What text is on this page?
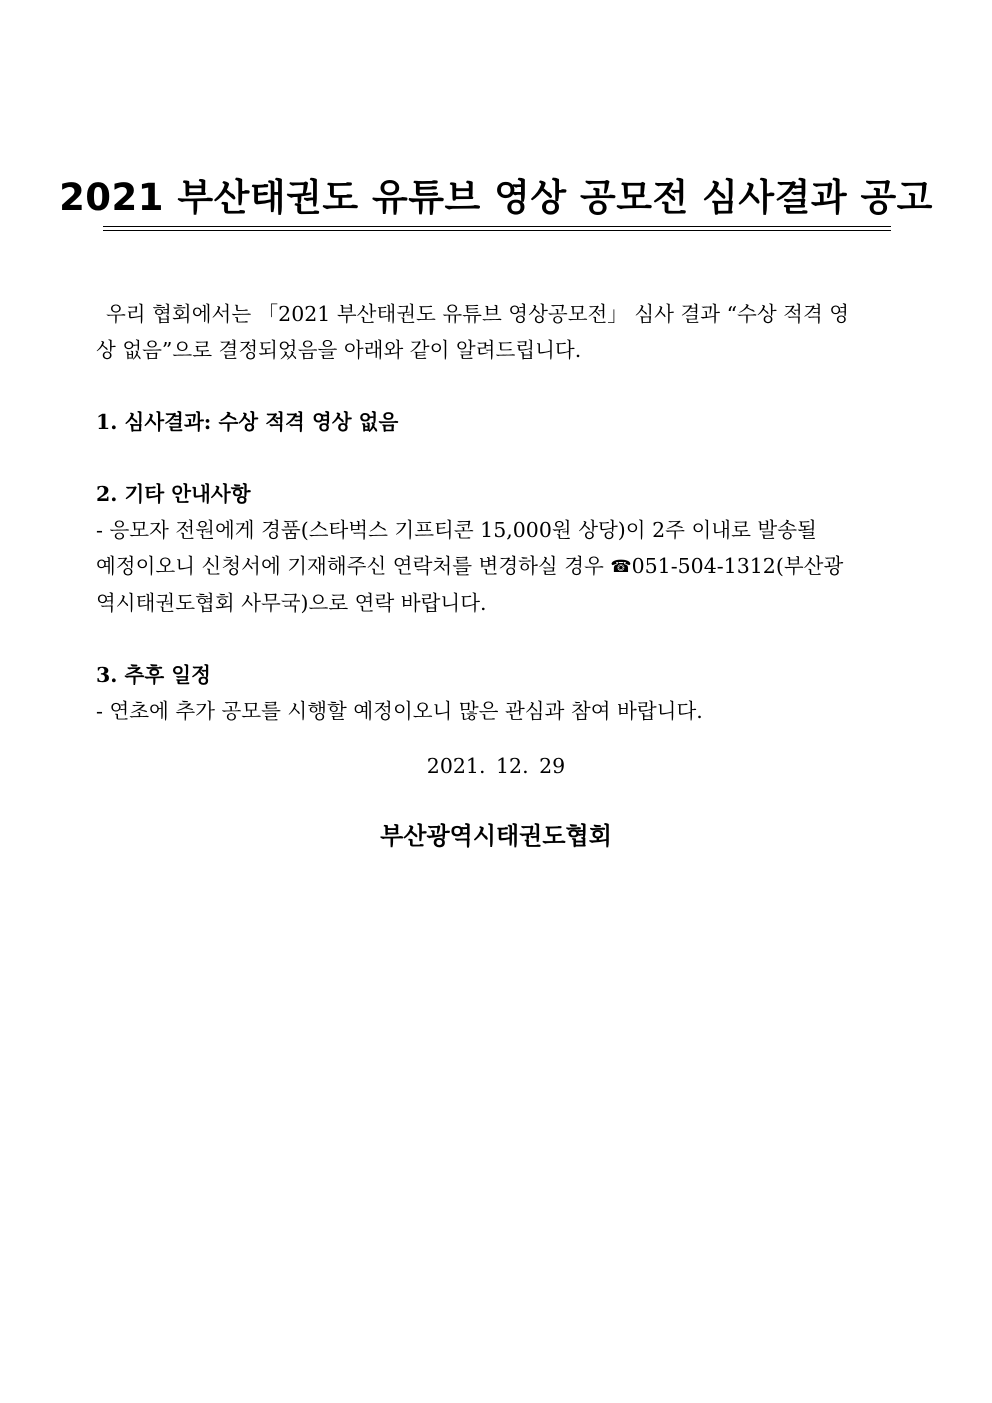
2021 부산태권도 유튜브 영상 공모전 심사결과 공고

우리 협회에서는 「2021 부산태권도 유튜브 영상공모전」 심사 결과 “수상 적격 영

상 없음”으로 결정되었음을 아래와 같이 알려드립니다.

1. 심사결과: 수상 적격 영상 없음

2. 기타 안내사항

- 응모자 전원에게 경품(스타벅스 기프티콘 15,000원 상당)이 2주 이내로 발송될

예정이오니 신청서에 기재해주신 연락처를 변경하실 경우 ☎051-504-1312(부산광

역시태권도협회 사무국)으로 연락 바랍니다.

3. 추후 일정

- 연초에 추가 공모를 시행할 예정이오니 많은 관심과 참여 바랍니다.

2021. 12. 29
부산광역시태권도협회
